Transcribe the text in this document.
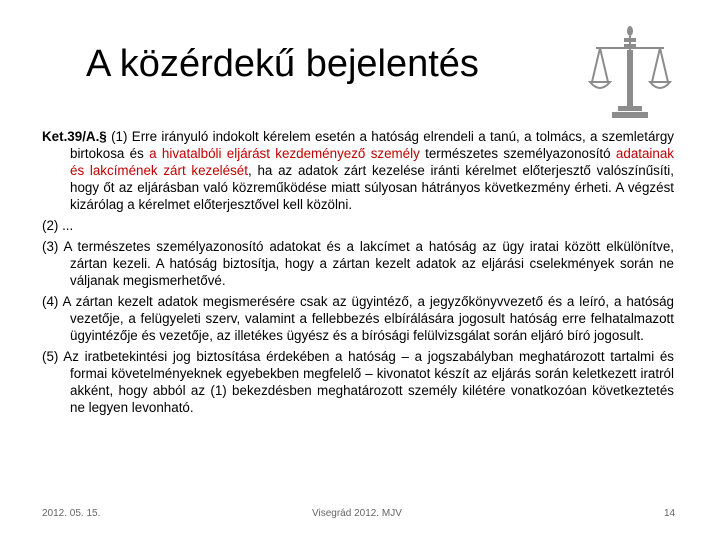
A közérdekű bejelentés

Ket.39/A.§ (1) Erre irányuló indokolt kérelem esetén a hatóság elrendeli a tanú, a tolmács, a szemletárgy birtokosa és a hivatalbóli eljárást kezdeményező személy természetes személyazonosító adatainak és lakcímének zárt kezelését, ha az adatok zárt kezelése iránti kérelmet előterjesztő valószínűsíti, hogy őt az eljárásban való közreműködése miatt súlyosan hátrányos következmény érheti. A végzést kizárólag a kérelmet előterjesztővel kell közölni.

(2) ...

(3) A természetes személyazonosító adatokat és a lakcímet a hatóság az ügy iratai között elkülönítve, zártan kezeli. A hatóság biztosítja, hogy a zártan kezelt adatok az eljárási cselekmények során ne váljanak megismerhetővé.

(4) A zártan kezelt adatok megismerésére csak az ügyintéző, a jegyzőkönyvvezető és a leíró, a hatóság vezetője, a felügyeleti szerv, valamint a fellebbezés elbírálására jogosult hatóság erre felhatalmazott ügyintézője és vezetője, az illetékes ügyész és a bírósági felülvizsgálat során eljáró bíró jogosult.

(5) Az iratbetekintési jog biztosítása érdekében a hatóság – a jogszabályban meghatározott tartalmi és formai követelményeknek egyebekben megfelelő – kivonatot készít az eljárás során keletkezett iratról akként, hogy abból az (1) bekezdésben meghatározott személy kilétére vonatkozóan következtetés ne legyen levonható.

2012. 05. 15.	Visegrád 2012. MJV	14
